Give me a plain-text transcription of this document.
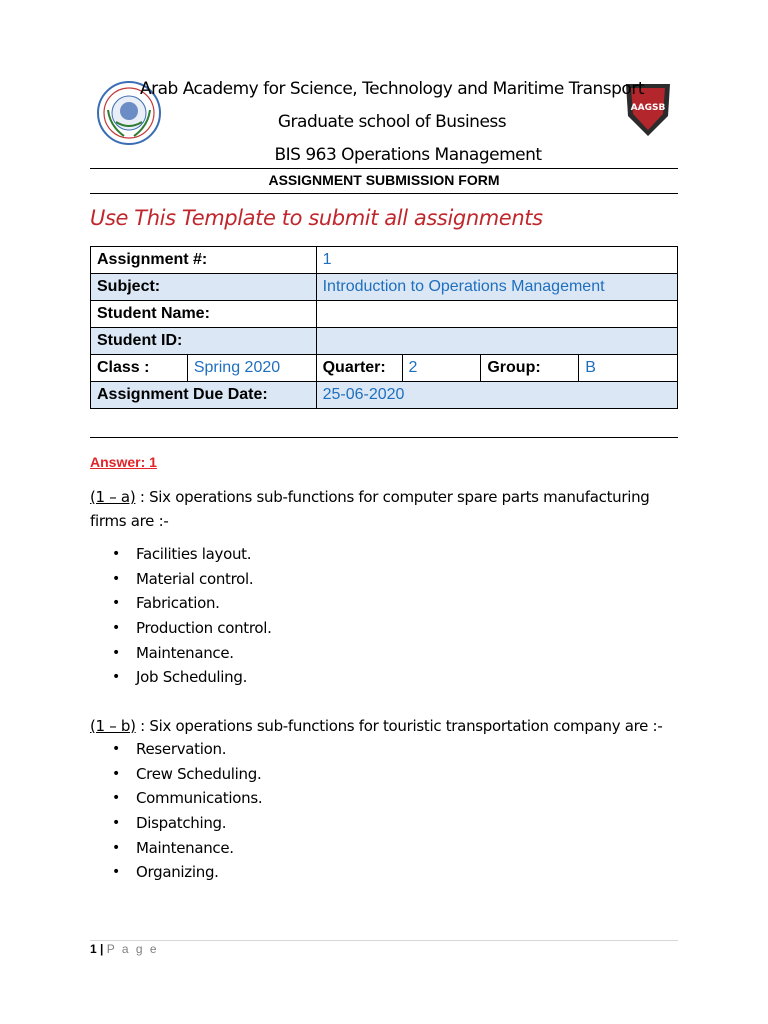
AAGSB
Arab Academy for Science, Technology and Maritime Transport
Graduate school of Business
BIS 963 Operations Management
ASSIGNMENT SUBMISSION FORM
Use This Template to submit all assignments
Assignment #:		1			
Subject:		Introduction to Operations Management			
Student Name:					
Student ID:					
Class :	Spring 2020	Quarter:	2	Group:	B
Assignment Due Date:		25-06-2020			
Answer: 1
(1 – a) : Six operations sub-functions for computer spare parts manufacturing firms are :-
• Facilities layout.
• Material control.
• Fabrication.
• Production control.
• Maintenance.
• Job Scheduling.
(1 – b) : Six operations sub-functions for touristic transportation company are :-
• Reservation.
• Crew Scheduling.
• Communications.
• Dispatching.
• Maintenance.
• Organizing.
1 | P a g e
